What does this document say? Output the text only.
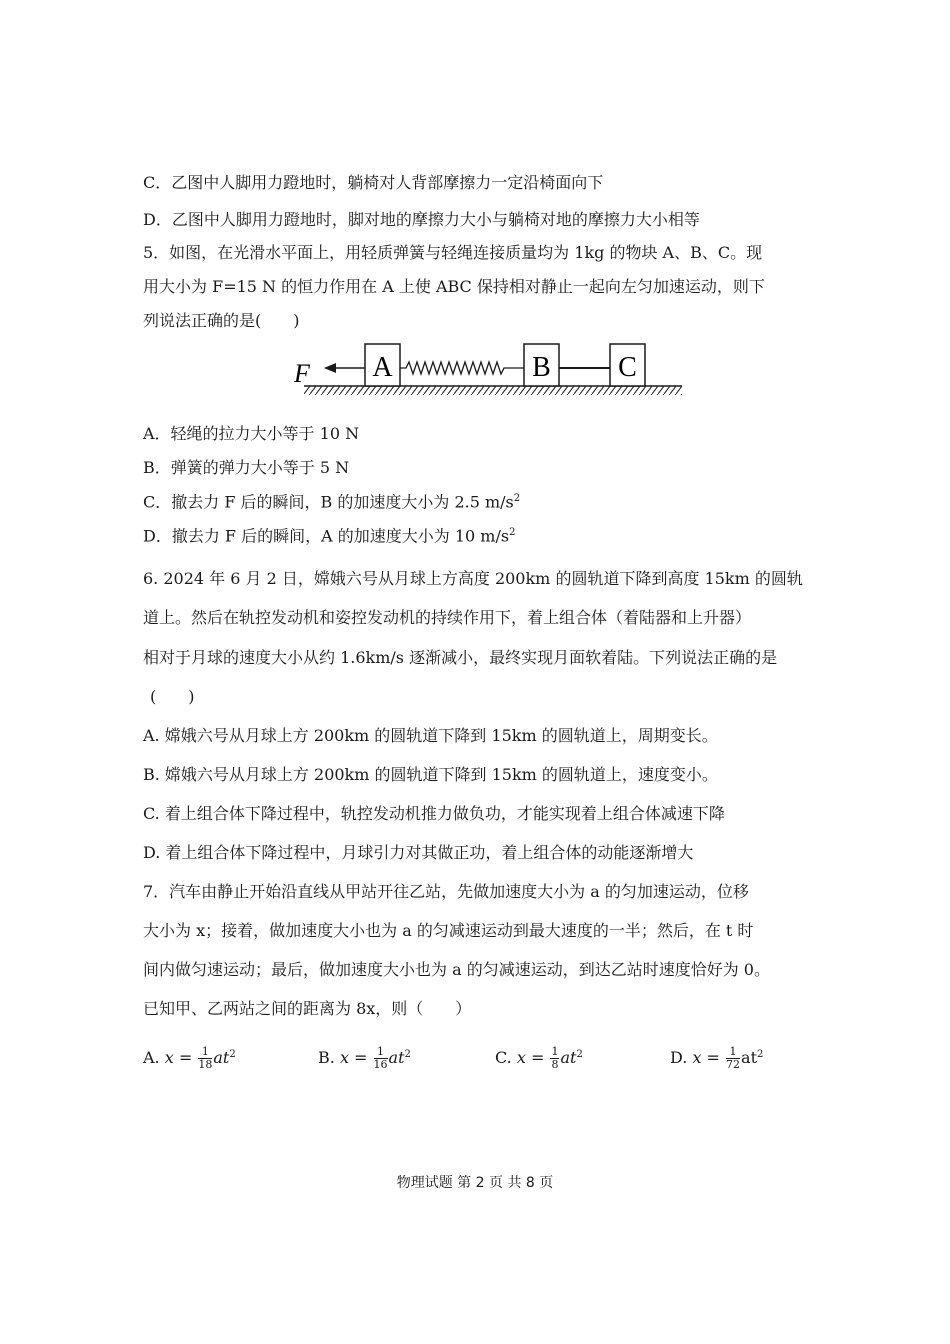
C．乙图中人脚用力蹬地时，躺椅对人背部摩擦力一定沿椅面向下
D．乙图中人脚用力蹬地时，脚对地的摩擦力大小与躺椅对地的摩擦力大小相等
5．如图，在光滑水平面上，用轻质弹簧与轻绳连接质量均为 1kg 的物块 A、B、C。现
用大小为 F=15 N 的恒力作用在 A 上使 ABC 保持相对静止一起向左匀加速运动，则下
列说法正确的是(　　)
F A	B C
A．轻绳的拉力大小等于 10 N
B．弹簧的弹力大小等于 5 N
C．撤去力 F 后的瞬间，B 的加速度大小为 2.5 $m/s^2$
D．撤去力 F 后的瞬间，A 的加速度大小为 10 $m/s^2$
6. 2024 年 6 月 2 日，嫦娥六号从月球上方高度 200km 的圆轨道下降到高度 15km 的圆轨
道上。然后在轨控发动机和姿控发动机的持续作用下，着上组合体（着陆器和上升器）
相对于月球的速度大小从约 1.6km/s 逐渐减小，最终实现月面软着陆。下列说法正确的是
(　　)
A. 嫦娥六号从月球上方 200km 的圆轨道下降到 15km 的圆轨道上，周期变长。
B. 嫦娥六号从月球上方 200km 的圆轨道下降到 15km 的圆轨道上，速度变小。
C. 着上组合体下降过程中，轨控发动机推力做负功，才能实现着上组合体减速下降
D. 着上组合体下降过程中，月球引力对其做正功，着上组合体的动能逐渐增大
7．汽车由静止开始沿直线从甲站开往乙站，先做加速度大小为 a 的匀加速运动，位移
大小为 x；接着，做加速度大小也为 a 的匀减速运动到最大速度的一半；然后，在 t 时
间内做匀速运动；最后，做加速度大小也为 a 的匀减速运动，到达乙站时速度恰好为 0。
已知甲、乙两站之间的距离为 8x，则（　　）
A. $x = \frac{1}{18} at^2$	B. $x = \frac{1}{16} at^2$	C. $x = \frac{1}{8} at^2$	D. $x = \frac{1}{72} at^2$
物理试题 第 2 页 共 8 页
